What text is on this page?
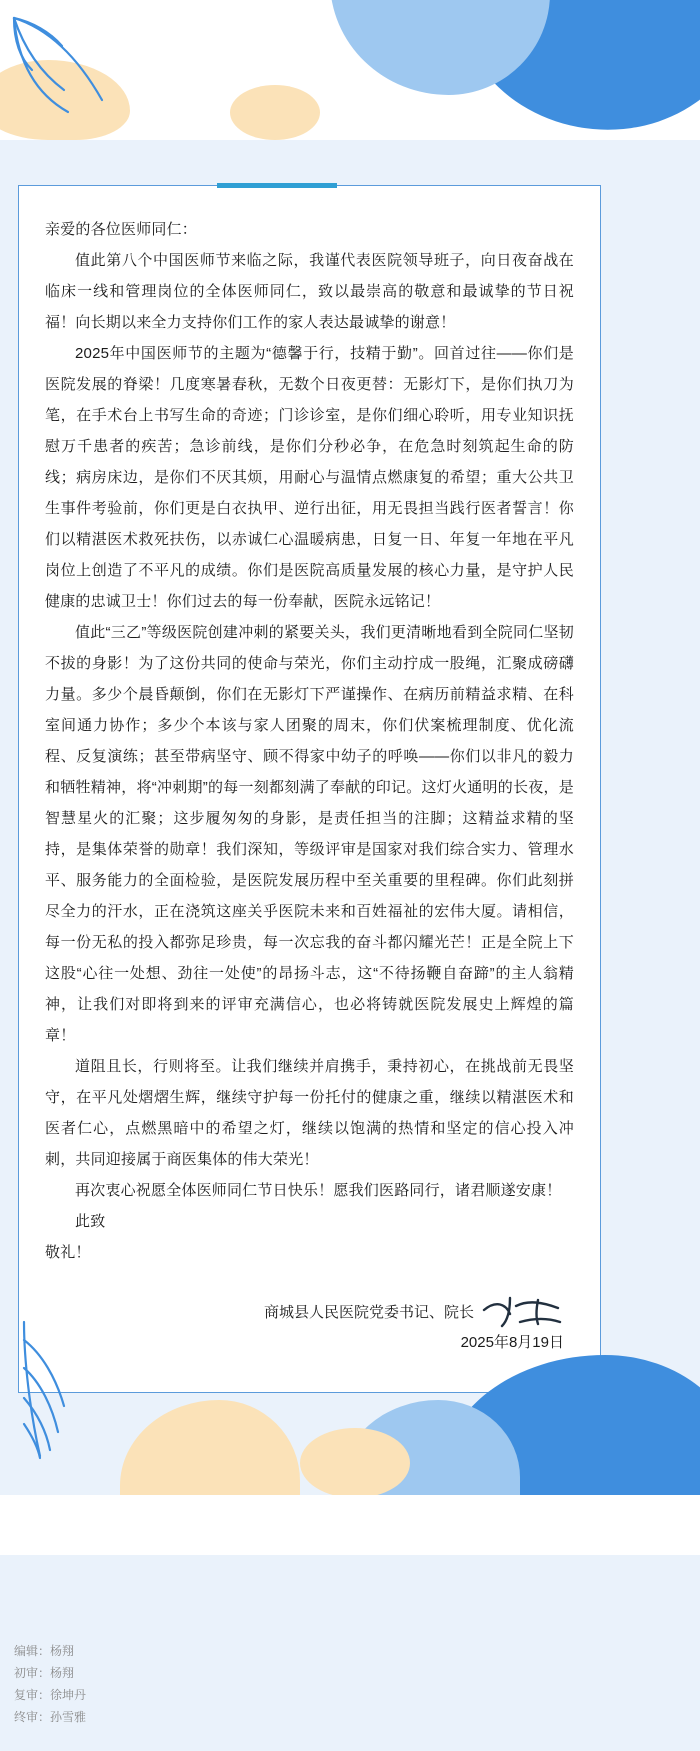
亲爱的各位医师同仁：

值此第八个中国医师节来临之际，我谨代表医院领导班子，向日夜奋战在临床一线和管理岗位的全体医师同仁，致以最崇高的敬意和最诚挚的节日祝福！向长期以来全力支持你们工作的家人表达最诚挚的谢意！

2025年中国医师节的主题为“德馨于行，技精于勤”。回首过往——你们是医院发展的脊梁！几度寒暑春秋，无数个日夜更替：无影灯下，是你们执刀为笔，在手术台上书写生命的奇迹；门诊诊室，是你们细心聆听，用专业知识抚慰万千患者的疾苦；急诊前线，是你们分秒必争，在危急时刻筑起生命的防线；病房床边，是你们不厌其烦，用耐心与温情点燃康复的希望；重大公共卫生事件考验前，你们更是白衣执甲、逆行出征，用无畏担当践行医者誓言！你们以精湛医术救死扶伤，以赤诚仁心温暖病患，日复一日、年复一年地在平凡岗位上创造了不平凡的成绩。你们是医院高质量发展的核心力量，是守护人民健康的忠诚卫士！你们过去的每一份奉献，医院永远铭记！

值此“三乙”等级医院创建冲刺的紧要关头，我们更清晰地看到全院同仁坚韧不拔的身影！为了这份共同的使命与荣光，你们主动拧成一股绳，汇聚成磅礴力量。多少个晨昏颠倒，你们在无影灯下严谨操作、在病历前精益求精、在科室间通力协作；多少个本该与家人团聚的周末，你们伏案梳理制度、优化流程、反复演练；甚至带病坚守、顾不得家中幼子的呼唤——你们以非凡的毅力和牺牲精神，将“冲刺期”的每一刻都刻满了奉献的印记。这灯火通明的长夜，是智慧星火的汇聚；这步履匆匆的身影，是责任担当的注脚；这精益求精的坚持，是集体荣誉的勋章！我们深知，等级评审是国家对我们综合实力、管理水平、服务能力的全面检验，是医院发展历程中至关重要的里程碑。你们此刻拼尽全力的汗水，正在浇筑这座关乎医院未来和百姓福祉的宏伟大厦。请相信，每一份无私的投入都弥足珍贵，每一次忘我的奋斗都闪耀光芒！正是全院上下这股“心往一处想、劲往一处使”的昂扬斗志，这“不待扬鞭自奋蹄”的主人翁精神，让我们对即将到来的评审充满信心，也必将铸就医院发展史上辉煌的篇章！

道阻且长，行则将至。让我们继续并肩携手，秉持初心，在挑战前无畏坚守，在平凡处熠熠生辉，继续守护每一份托付的健康之重，继续以精湛医术和医者仁心，点燃黑暗中的希望之灯，继续以饱满的热情和坚定的信心投入冲刺，共同迎接属于商医集体的伟大荣光！

再次衷心祝愿全体医师同仁节日快乐！愿我们医路同行，诸君顺遂安康！

此致

敬礼！

商城县人民医院党委书记、院长
2025年8月19日
编辑：杨翔
初审：杨翔
复审：徐坤丹
终审：孙雪雅
